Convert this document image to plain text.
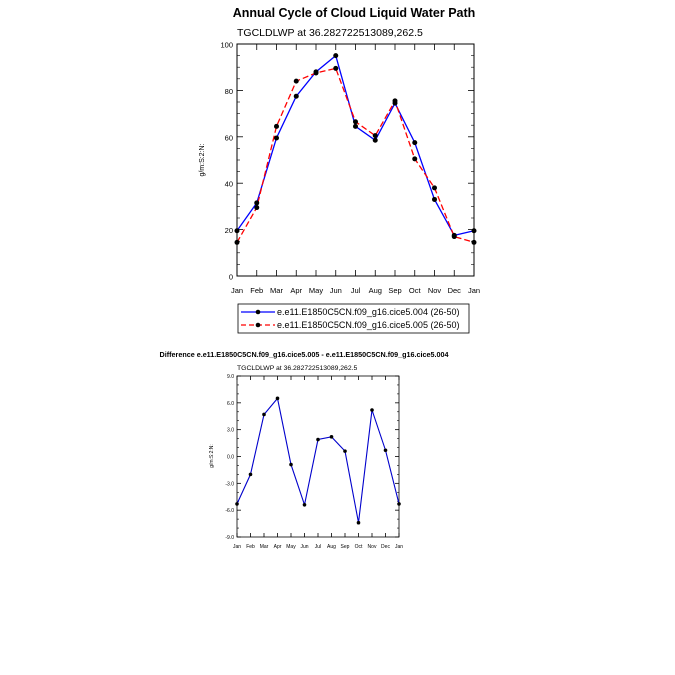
Annual Cycle of Cloud Liquid Water Path
TGCLDLWP at 36.282722513089,262.5
g/m:S:2:N:
0
20
40
60
80
100
Jan Feb Mar Apr May Jun Jul Aug Sep Oct Nov Dec Jan
e.e11.E1850C5CN.f09_g16.cice5.004 (26-50)
e.e11.E1850C5CN.f09_g16.cice5.005 (26-50)
Difference e.e11.E1850C5CN.f09_g16.cice5.005 - e.e11.E1850C5CN.f09_g16.cice5.004
TGCLDLWP at 36.282722513089,262.5
g/m:S:2:N:
-9.0
-6.0
-3.0
0.0
3.0
6.0
9.0
Jan Feb Mar Apr May Jun Jul Aug Sep Oct Nov Dec Jan
